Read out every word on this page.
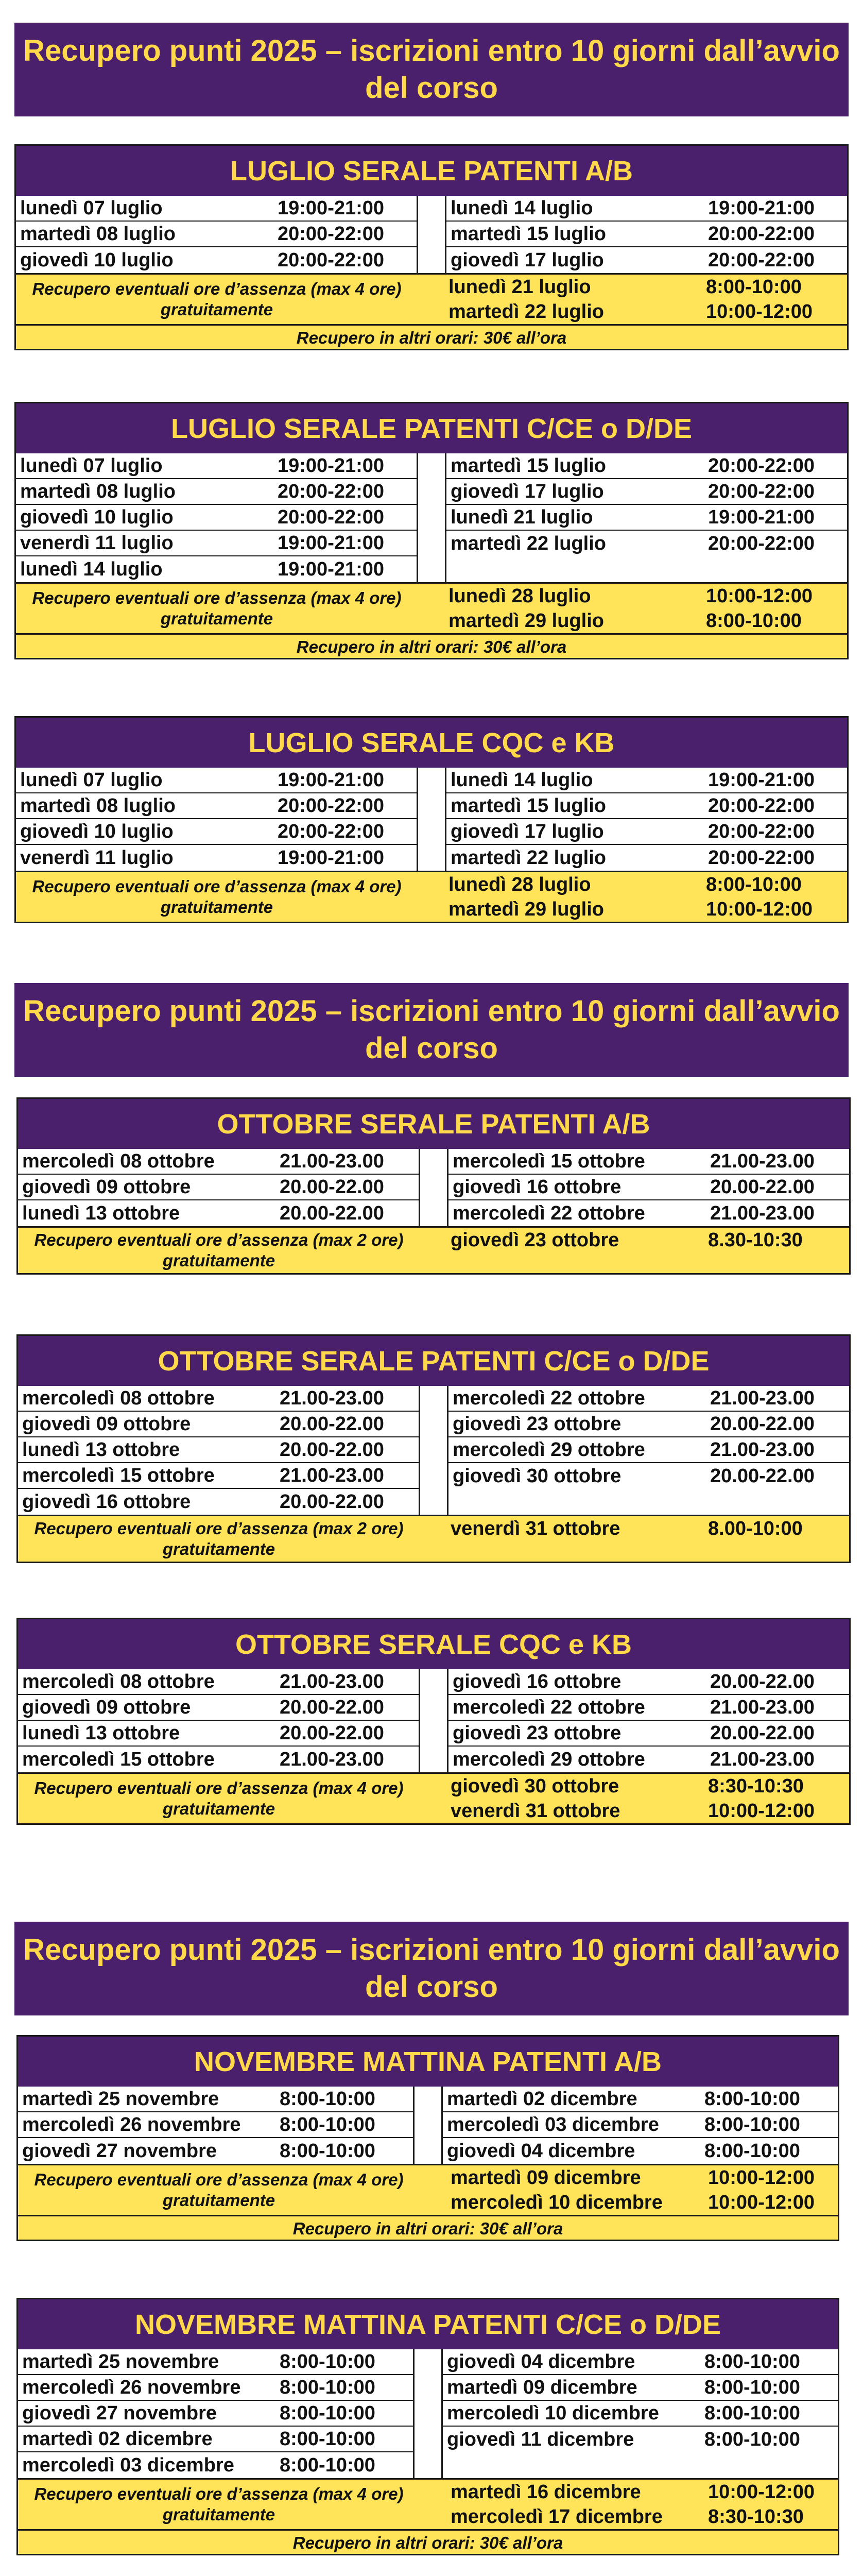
Recupero punti 2025 – iscrizioni entro 10 giorni dall’avvio del corso
Recupero punti 2025 – iscrizioni entro 10 giorni dall’avvio del corso
Recupero punti 2025 – iscrizioni entro 10 giorni dall’avvio del corso
LUGLIO SERALE PATENTI A/B
lunedì 07 luglio	19:00-21:00
martedì 08 luglio	20:00-22:00
giovedì 10 luglio	20:00-22:00
lunedì 14 luglio	19:00-21:00
martedì 15 luglio	20:00-22:00
giovedì 17 luglio	20:00-22:00
Recupero eventuali ore d’assenza (max 4 ore) gratuitamente
lunedì 21 luglio	8:00-10:00
martedì 22 luglio	10:00-12:00
Recupero in altri orari: 30€ all’ora
LUGLIO SERALE PATENTI C/CE o D/DE
lunedì 07 luglio	19:00-21:00
martedì 08 luglio	20:00-22:00
giovedì 10 luglio	20:00-22:00
venerdì 11 luglio	19:00-21:00
lunedì 14 luglio	19:00-21:00
martedì 15 luglio	20:00-22:00
giovedì 17 luglio	20:00-22:00
lunedì 21 luglio	19:00-21:00
martedì 22 luglio	20:00-22:00
Recupero eventuali ore d’assenza (max 4 ore) gratuitamente
lunedì 28 luglio	10:00-12:00
martedì 29 luglio	8:00-10:00
Recupero in altri orari: 30€ all’ora
LUGLIO SERALE CQC e KB
lunedì 07 luglio	19:00-21:00
martedì 08 luglio	20:00-22:00
giovedì 10 luglio	20:00-22:00
venerdì 11 luglio	19:00-21:00
lunedì 14 luglio	19:00-21:00
martedì 15 luglio	20:00-22:00
giovedì 17 luglio	20:00-22:00
martedì 22 luglio	20:00-22:00
Recupero eventuali ore d’assenza (max 4 ore) gratuitamente
lunedì 28 luglio	8:00-10:00
martedì 29 luglio	10:00-12:00
OTTOBRE SERALE PATENTI A/B
mercoledì 08 ottobre	21.00-23.00
giovedì 09 ottobre	20.00-22.00
lunedì 13 ottobre	20.00-22.00
mercoledì 15 ottobre	21.00-23.00
giovedì 16 ottobre	20.00-22.00
mercoledì 22 ottobre	21.00-23.00
Recupero eventuali ore d’assenza (max 2 ore) gratuitamente
giovedì 23 ottobre	8.30-10:30
OTTOBRE SERALE PATENTI C/CE o D/DE
mercoledì 08 ottobre	21.00-23.00
giovedì 09 ottobre	20.00-22.00
lunedì 13 ottobre	20.00-22.00
mercoledì 15 ottobre	21.00-23.00
giovedì 16 ottobre	20.00-22.00
mercoledì 22 ottobre	21.00-23.00
giovedì 23 ottobre	20.00-22.00
mercoledì 29 ottobre	21.00-23.00
giovedì 30 ottobre	20.00-22.00
Recupero eventuali ore d’assenza (max 2 ore) gratuitamente
venerdì 31 ottobre	8.00-10:00
OTTOBRE SERALE CQC e KB
mercoledì 08 ottobre	21.00-23.00
giovedì 09 ottobre	20.00-22.00
lunedì 13 ottobre	20.00-22.00
mercoledì 15 ottobre	21.00-23.00
giovedì 16 ottobre	20.00-22.00
mercoledì 22 ottobre	21.00-23.00
giovedì 23 ottobre	20.00-22.00
mercoledì 29 ottobre	21.00-23.00
Recupero eventuali ore d’assenza (max 4 ore) gratuitamente
giovedì 30 ottobre	8:30-10:30
venerdì 31 ottobre	10:00-12:00
NOVEMBRE MATTINA PATENTI A/B
martedì 25 novembre	8:00-10:00
mercoledì 26 novembre	8:00-10:00
giovedì 27 novembre	8:00-10:00
martedì 02 dicembre	8:00-10:00
mercoledì 03 dicembre	8:00-10:00
giovedì 04 dicembre	8:00-10:00
Recupero eventuali ore d’assenza (max 4 ore) gratuitamente
martedì 09 dicembre	10:00-12:00
mercoledì 10 dicembre	10:00-12:00
Recupero in altri orari: 30€ all’ora
NOVEMBRE MATTINA PATENTI C/CE o D/DE
martedì 25 novembre	8:00-10:00
mercoledì 26 novembre	8:00-10:00
giovedì 27 novembre	8:00-10:00
martedì 02 dicembre	8:00-10:00
mercoledì 03 dicembre	8:00-10:00
giovedì 04 dicembre	8:00-10:00
martedì 09 dicembre	8:00-10:00
mercoledì 10 dicembre	8:00-10:00
giovedì 11 dicembre	8:00-10:00
Recupero eventuali ore d’assenza (max 4 ore) gratuitamente
martedì 16 dicembre	10:00-12:00
mercoledì 17 dicembre	8:30-10:30
Recupero in altri orari: 30€ all’ora
